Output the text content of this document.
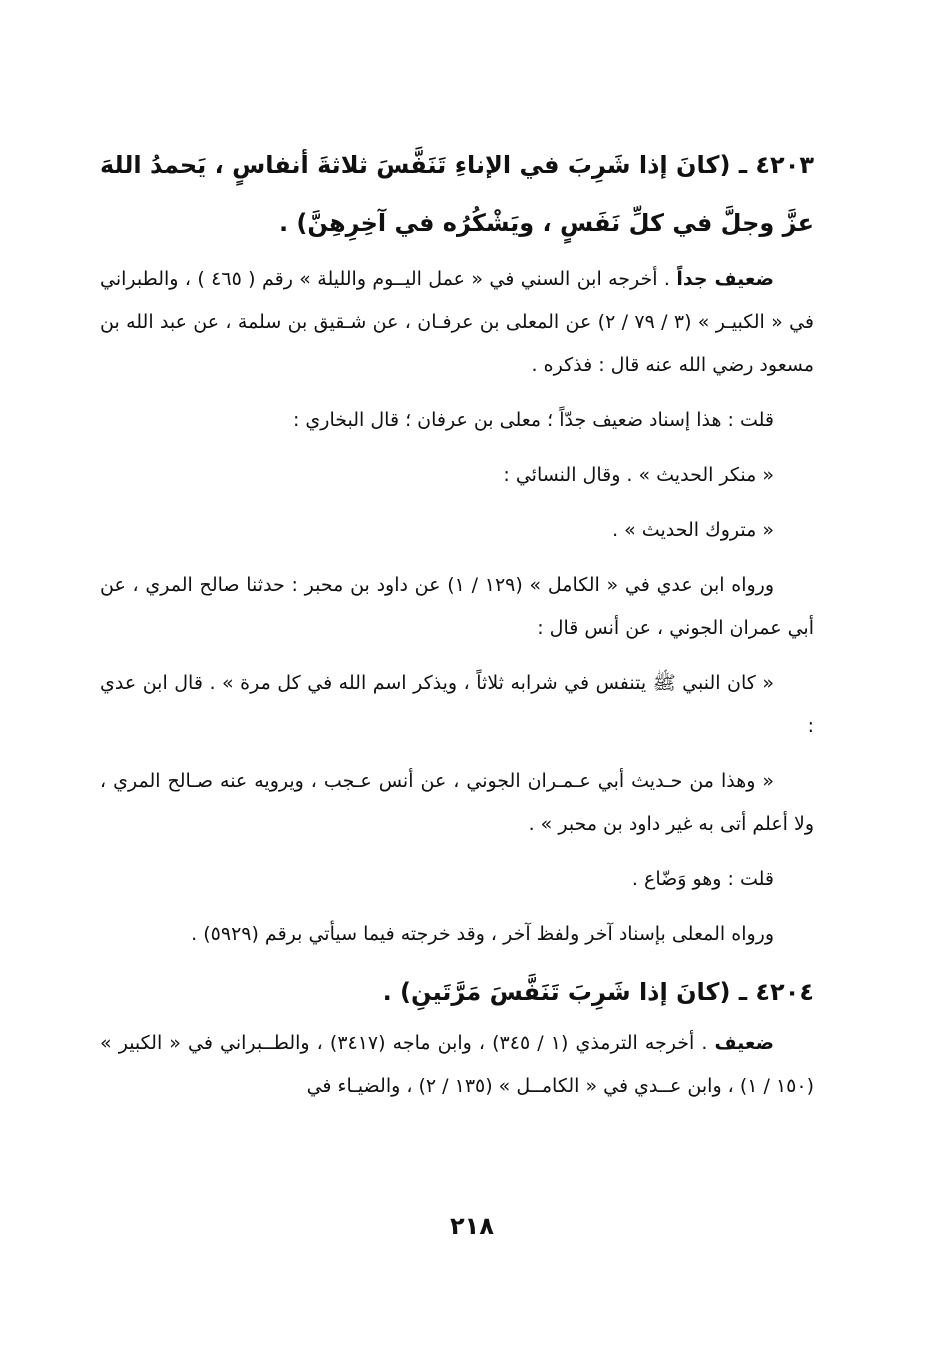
٤٢٠٣ ـ (كانَ إذا شَرِبَ في الإناءِ تَنَفَّسَ ثلاثةَ أنفاسٍ ، يَحمدُ اللهَ عزَّ وجلَّ في كلِّ نَفَسٍ ، ويَشْكُرُه في آخِرِهِنَّ) .

ضعيف جداً . أخرجه ابن السني في « عمل اليــوم والليلة » رقم ( ٤٦٥ ) ، والطبراني في « الكبيـر » (٣ / ٧٩ / ٢) عن المعلى بن عرفـان ، عن شـقيق بن سلمة ، عن عبد الله بن مسعود رضي الله عنه قال : فذكره .

قلت : هذا إسناد ضعيف جدّاً ؛ معلى بن عرفان ؛ قال البخاري :

« منكر الحديث » . وقال النسائي :

« متروك الحديث » .

ورواه ابن عدي في « الكامل » (١٢٩ / ١) عن داود بن محبر : حدثنا صالح المري ، عن أبي عمران الجوني ، عن أنس قال :

« كان النبي ﷺ يتنفس في شرابه ثلاثاً ، ويذكر اسم الله في كل مرة » . قال ابن عدي :

« وهذا من حـديث أبي عـمـران الجوني ، عن أنس عـجب ، ويرويه عنه صـالح المري ، ولا أعلم أتى به غير داود بن محبر » .

قلت : وهو وَضّاع .

ورواه المعلى بإسناد آخر ولفظ آخر ، وقد خرجته فيما سيأتي برقم (٥٩٢٩) .

٤٢٠٤ ـ (كانَ إذا شَرِبَ تَنَفَّسَ مَرَّتَينِ) .

ضعيف . أخرجه الترمذي (١ / ٣٤٥) ، وابن ماجه (٣٤١٧) ، والطــبراني في « الكبير » (١٥٠ / ١) ، وابن عــدي في « الكامــل » (١٣٥ / ٢) ، والضيـاء في

٢١٨
